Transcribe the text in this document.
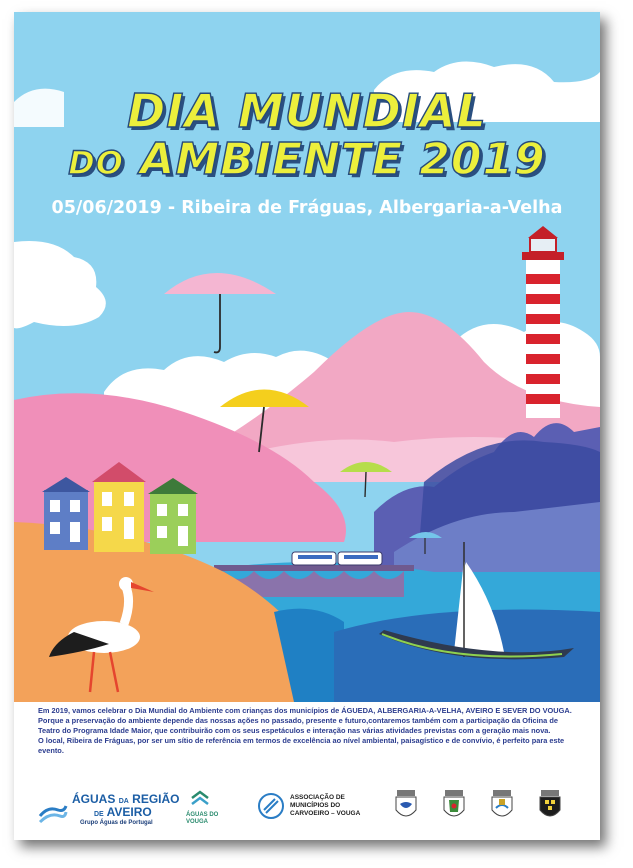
DIA MUNDIAL
DO AMBIENTE 2019
05/06/2019 - Ribeira de Fráguas, Albergaria-a-Velha

Em 2019, vamos celebrar o Dia Mundial do Ambiente com crianças dos municípios de ÁGUEDA, ALBERGARIA-A-VELHA, AVEIRO E SEVER DO VOUGA. Porque a preservação do ambiente depende das nossas ações no passado, presente e futuro,contaremos também com a participação da Oficina de Teatro do Programa Idade Maior, que contribuirão com os seus espetáculos e interação nas várias atividades previstas com a geração mais nova.

O local, Ribeira de Fráguas, por ser um sítio de referência em termos de excelência ao nível ambiental, paisagístico e de convívio, é perfeito para este evento.

ÁGUAS DA REGIÃO
DE AVEIRO
Grupo Águas de Portugal
ÁGUAS DO
VOUGA
ASSOCIAÇÃO DE
MUNICÍPIOS DO
CARVOEIRO – VOUGA
